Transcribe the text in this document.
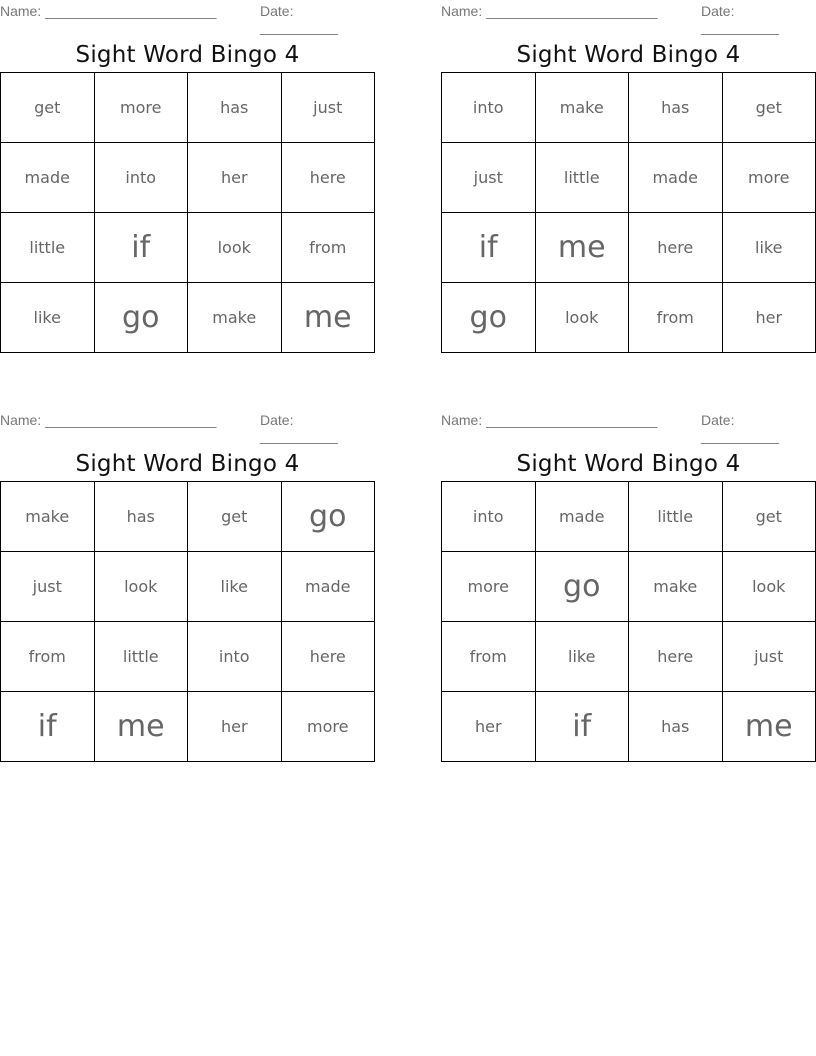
Name: ______________________	Date: __________
Sight Word Bingo 4
get	more	has	just
made	into	her	here
little	if	look	from
like	go	make	me
Name: ______________________	Date: __________
Sight Word Bingo 4
into	make	has	get
just	little	made	more
if	me	here	like
go	look	from	her
Name: ______________________	Date: __________
Sight Word Bingo 4
make	has	get	go
just	look	like	made
from	little	into	here
if	me	her	more
Name: ______________________	Date: __________
Sight Word Bingo 4
into	made	little	get
more	go	make	look
from	like	here	just
her	if	has	me
